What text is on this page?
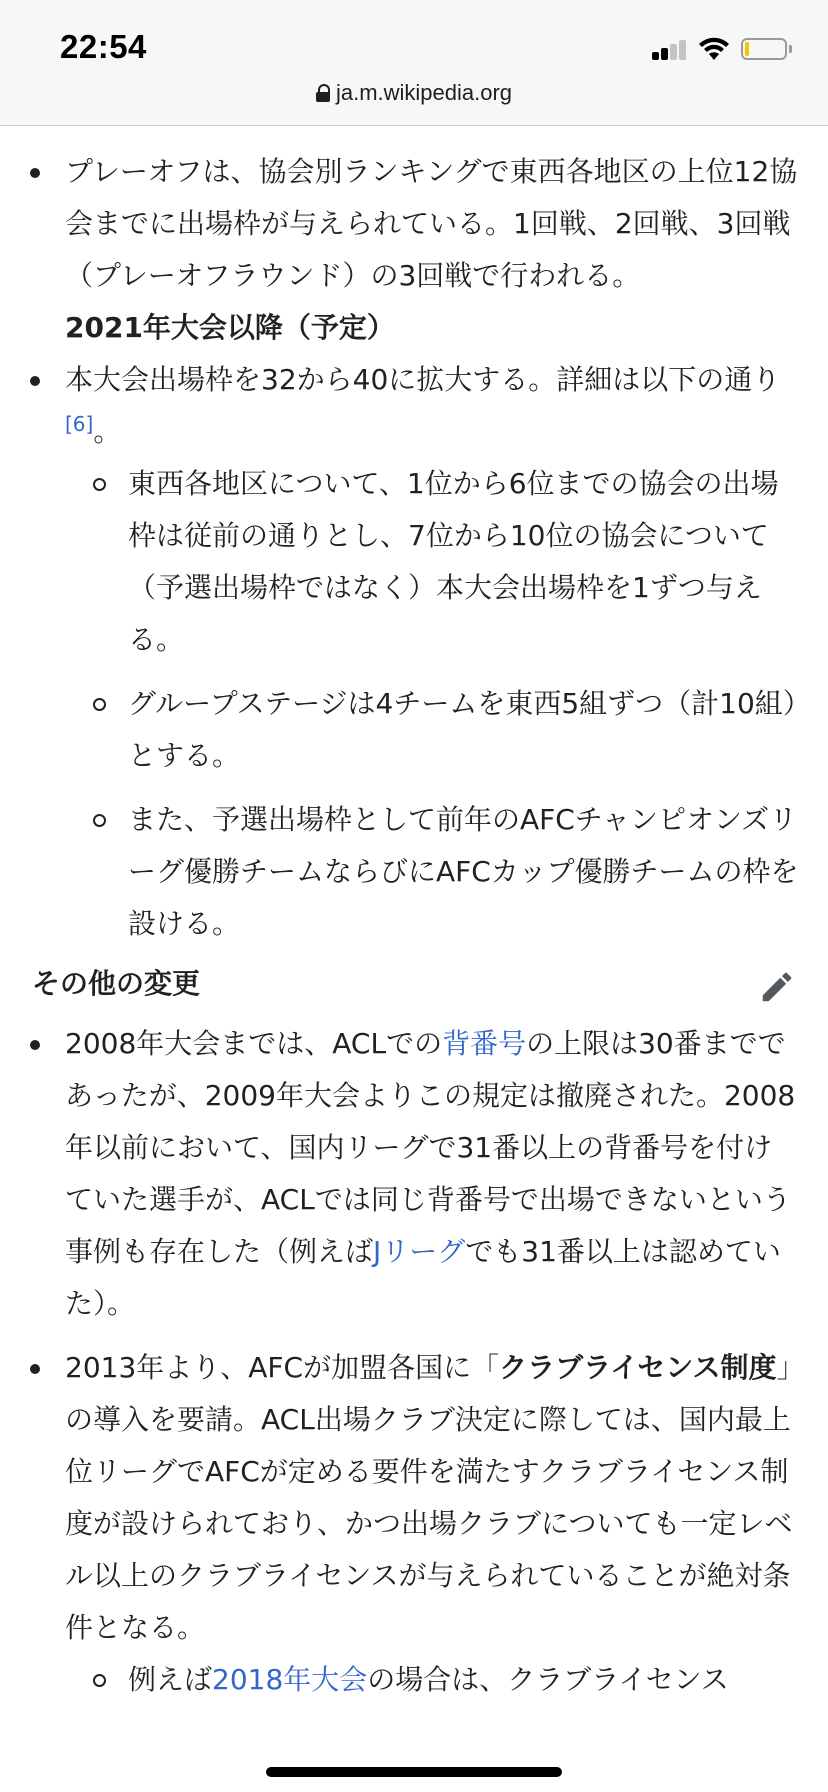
22:54
ja.m.wikipedia.org
プレーオフは、協会別ランキングで東西各地区の上位12協会までに出場枠が与えられている。1回戦、2回戦、3回戦（プレーオフラウンド）の3回戦で行われる。
2021年大会以降（予定）
本大会出場枠を32から40に拡大する。詳細は以下の通り[6]。
東西各地区について、1位から6位までの協会の出場枠は従前の通りとし、7位から10位の協会について（予選出場枠ではなく）本大会出場枠を1ずつ与える。
グループステージは4チームを東西5組ずつ（計10組）とする。
また、予選出場枠として前年のAFCチャンピオンズリーグ優勝チームならびにAFCカップ優勝チームの枠を設ける。
その他の変更
2008年大会までは、ACLでの背番号の上限は30番までであったが、2009年大会よりこの規定は撤廃された。2008年以前において、国内リーグで31番以上の背番号を付けていた選手が、ACLでは同じ背番号で出場できないという事例も存在した（例えばJリーグでも31番以上は認めていた）。
2013年より、AFCが加盟各国に「クラブライセンス制度」の導入を要請。ACL出場クラブ決定に際しては、国内最上位リーグでAFCが定める要件を満たすクラブライセンス制度が設けられており、かつ出場クラブについても一定レベル以上のクラブライセンスが与えられていることが絶対条件となる。
例えば2018年大会の場合は、クラブライセンス
